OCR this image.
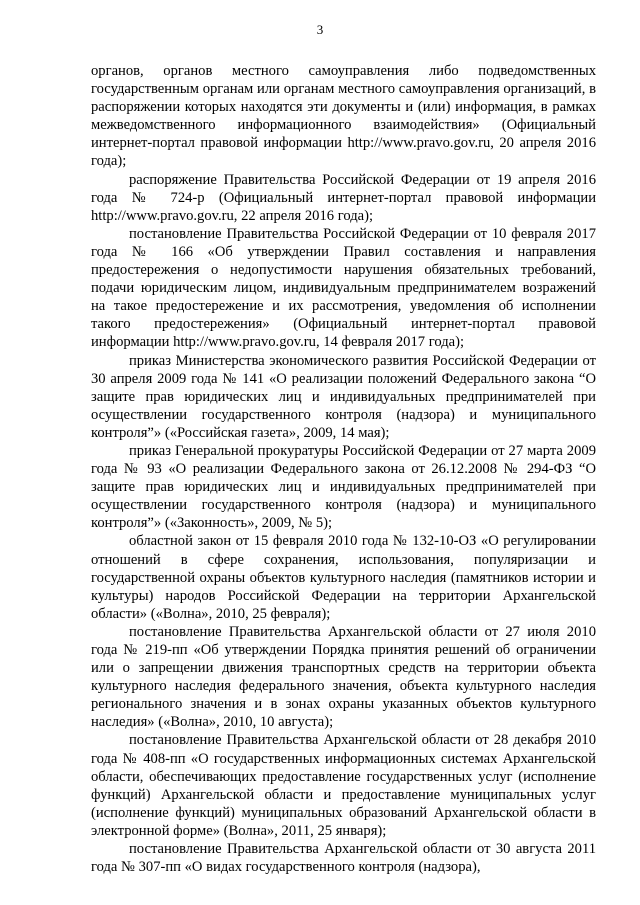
3

органов, органов местного самоуправления либо подведомственных государственным органам или органам местного самоуправления организаций, в распоряжении которых находятся эти документы и (или) информация, в рамках межведомственного информационного взаимодействия» (Официальный интернет-портал правовой информации http://www.pravo.gov.ru, 20 апреля 2016 года);

распоряжение Правительства Российской Федерации от 19 апреля 2016 года № 724-р (Официальный интернет-портал правовой информации http://www.pravo.gov.ru, 22 апреля 2016 года);

постановление Правительства Российской Федерации от 10 февраля 2017 года № 166 «Об утверждении Правил составления и направления предостережения о недопустимости нарушения обязательных требований, подачи юридическим лицом, индивидуальным предпринимателем возражений на такое предостережение и их рассмотрения, уведомления об исполнении такого предостережения» (Официальный интернет-портал правовой информации http://www.pravo.gov.ru, 14 февраля 2017 года);

приказ Министерства экономического развития Российской Федерации от 30 апреля 2009 года № 141 «О реализации положений Федерального закона “О защите прав юридических лиц и индивидуальных предпринимателей при осуществлении государственного контроля (надзора) и муниципального контроля”» («Российская газета», 2009, 14 мая);

приказ Генеральной прокуратуры Российской Федерации от 27 марта 2009 года № 93 «О реализации Федерального закона от 26.12.2008 № 294-ФЗ “О защите прав юридических лиц и индивидуальных предпринимателей при осуществлении государственного контроля (надзора) и муниципального контроля”» («Законность», 2009, № 5);

областной закон от 15 февраля 2010 года № 132-10-ОЗ «О регулировании отношений в сфере сохранения, использования, популяризации и государственной охраны объектов культурного наследия (памятников истории и культуры) народов Российской Федерации на территории Архангельской области» («Волна», 2010, 25 февраля);

постановление Правительства Архангельской области от 27 июля 2010 года № 219-пп «Об утверждении Порядка принятия решений об ограничении или о запрещении движения транспортных средств на территории объекта культурного наследия федерального значения, объекта культурного наследия регионального значения и в зонах охраны указанных объектов культурного наследия» («Волна», 2010, 10 августа);

постановление Правительства Архангельской области от 28 декабря 2010 года № 408-пп «О государственных информационных системах Архангельской области, обеспечивающих предоставление государственных услуг (исполнение функций) Архангельской области и предоставление муниципальных услуг (исполнение функций) муниципальных образований Архангельской области в электронной форме» (Волна», 2011, 25 января);

постановление Правительства Архангельской области от 30 августа 2011 года № 307-пп «О видах государственного контроля (надзора),
